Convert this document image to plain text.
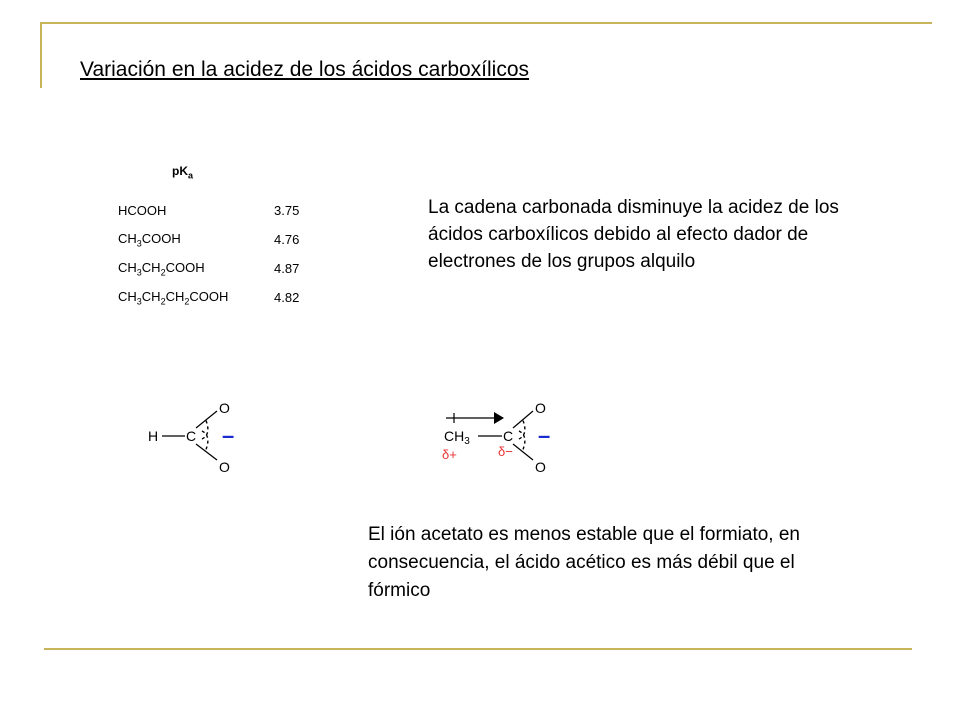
Variación en la acidez de los ácidos carboxílicos
$pK_a$
HCOOH	3.75
$CH_3COOH$	4.76
$CH_3CH_2COOH$	4.87
$CH_3CH_2CH_2COOH$	4.82
La cadena carbonada disminuye la acidez de los ácidos carboxílicos debido al efecto dador de electrones de los grupos alquilo
H C
O
O
–	$CH_3$ C
O
O
–
δ+	δ−
El ión acetato es menos estable que el formiato, en consecuencia, el ácido acético es más débil que el fórmico
